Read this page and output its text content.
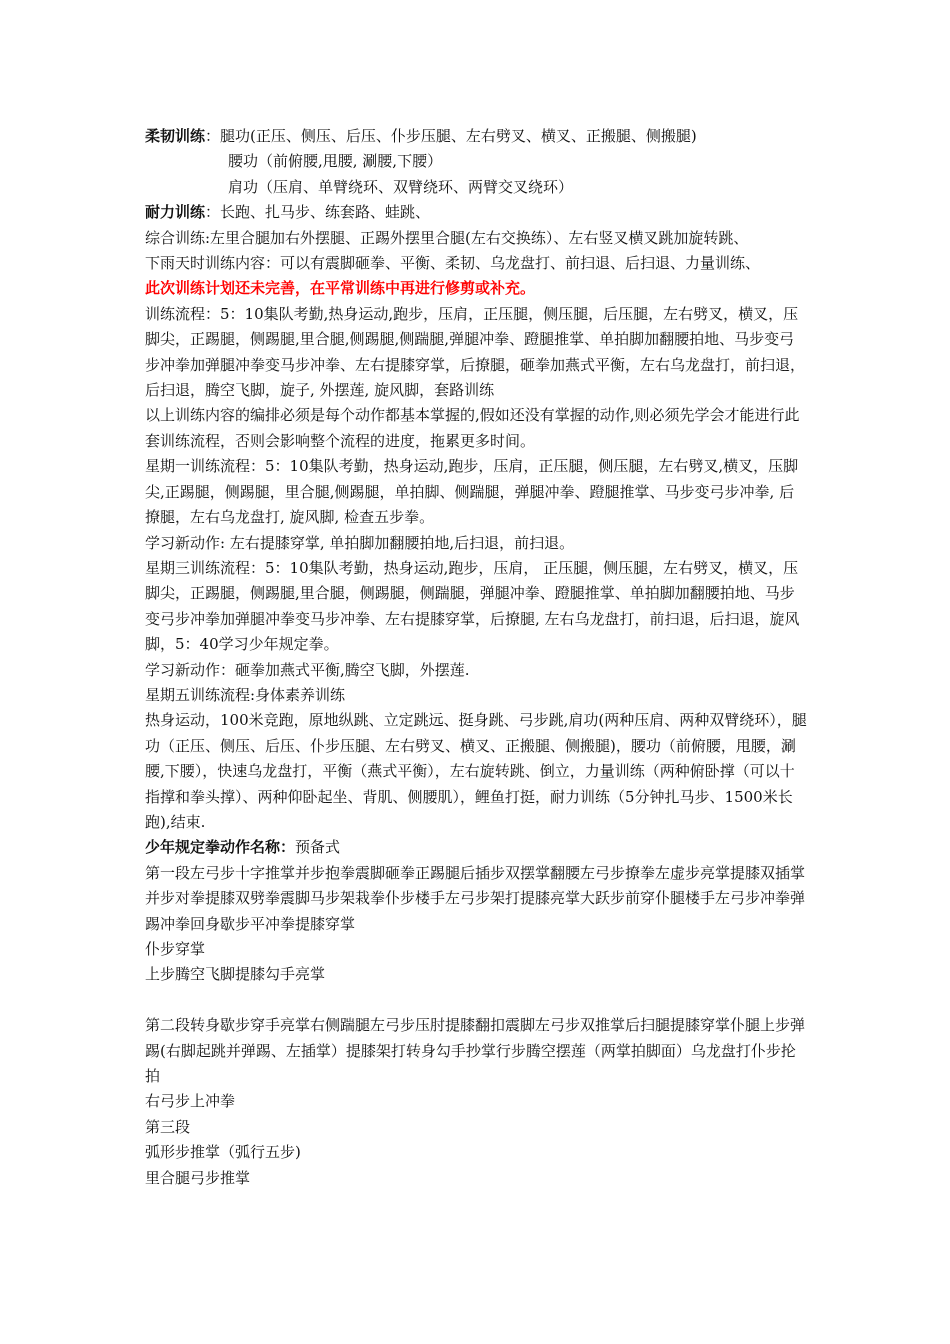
柔韧训练：腿功(正压、侧压、后压、仆步压腿、左右劈叉、横叉、正搬腿、侧搬腿)

腰功（前俯腰,甩腰, 涮腰,下腰）

肩功（压肩、单臂绕环、双臂绕环、两臂交叉绕环）

耐力训练：长跑、扎马步、练套路、蛙跳、

综合训练:左里合腿加右外摆腿、正踢外摆里合腿(左右交换练）、左右竖叉横叉跳加旋转跳、

下雨天时训练内容：可以有震脚砸拳、平衡、柔韧、乌龙盘打、前扫退、后扫退、力量训练、

此次训练计划还未完善，在平常训练中再进行修剪或补充。

训练流程：5：10集队考勤,热身运动,跑步，压肩，正压腿，侧压腿，后压腿，左右劈叉，横叉，压脚尖，正踢腿，侧踢腿,里合腿,侧踢腿,侧踹腿,弹腿冲拳、蹬腿推掌、单拍脚加翻腰拍地、马步变弓步冲拳加弹腿冲拳变马步冲拳、左右提膝穿掌，后撩腿，砸拳加燕式平衡，左右乌龙盘打，前扫退，后扫退，腾空飞脚，旋子, 外摆莲, 旋风脚，套路训练

以上训练内容的编排必须是每个动作都基本掌握的,假如还没有掌握的动作,则必须先学会才能进行此套训练流程，否则会影响整个流程的进度，拖累更多时间。

星期一训练流程：5：10集队考勤，热身运动,跑步，压肩，正压腿，侧压腿，左右劈叉,横叉，压脚尖,正踢腿，侧踢腿，里合腿,侧踢腿，单拍脚、侧踹腿，弹腿冲拳、蹬腿推掌、马步变弓步冲拳, 后撩腿，左右乌龙盘打, 旋风脚, 检查五步拳。

学习新动作: 左右提膝穿掌, 单拍脚加翻腰拍地,后扫退，前扫退。

星期三训练流程：5：10集队考勤，热身运动,跑步，压肩， 正压腿，侧压腿，左右劈叉，横叉，压脚尖，正踢腿，侧踢腿,里合腿，侧踢腿，侧踹腿，弹腿冲拳、蹬腿推掌、单拍脚加翻腰拍地、马步变弓步冲拳加弹腿冲拳变马步冲拳、左右提膝穿掌，后撩腿, 左右乌龙盘打，前扫退，后扫退，旋风脚，5：40学习少年规定拳。

学习新动作：砸拳加燕式平衡,腾空飞脚，外摆莲.

星期五训练流程:身体素养训练

热身运动，100米竞跑，原地纵跳、立定跳远、挺身跳、弓步跳,肩功(两种压肩、两种双臂绕环），腿功（正压、侧压、后压、仆步压腿、左右劈叉、横叉、正搬腿、侧搬腿)，腰功（前俯腰，甩腰，涮腰,下腰），快速乌龙盘打，平衡（燕式平衡），左右旋转跳、倒立，力量训练（两种俯卧撑（可以十指撑和拳头撑）、两种仰卧起坐、背肌、侧腰肌），鲤鱼打挺，耐力训练（5分钟扎马步、1500米长跑),结束.

少年规定拳动作名称：预备式

第一段左弓步十字推掌并步抱拳震脚砸拳正踢腿后插步双摆掌翻腰左弓步撩拳左虚步亮掌提膝双插掌并步对拳提膝双劈拳震脚马步架栽拳仆步楼手左弓步架打提膝亮掌大跃步前穿仆腿楼手左弓步冲拳弹踢冲拳回身歇步平冲拳提膝穿掌

仆步穿掌

上步腾空飞脚提膝勾手亮掌

第二段转身歇步穿手亮掌右侧踹腿左弓步压肘提膝翻扣震脚左弓步双推掌后扫腿提膝穿掌仆腿上步弹踢(右脚起跳并弹踢、左插掌）提膝架打转身勾手抄掌行步腾空摆莲（两掌拍脚面）乌龙盘打仆步抡拍

右弓步上冲拳

第三段

弧形步推掌（弧行五步)

里合腿弓步推掌
